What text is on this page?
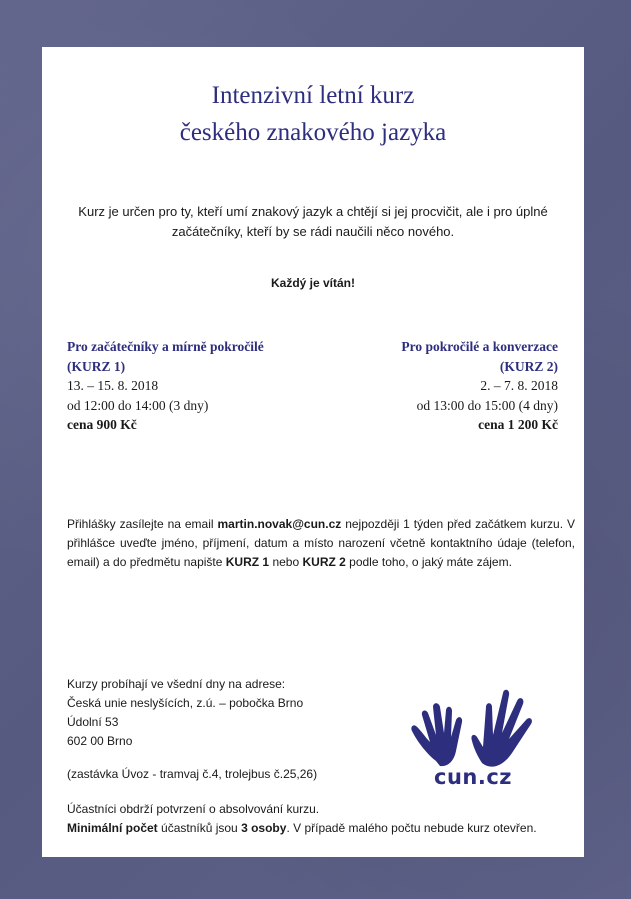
Intenzivní letní kurz
českého znakového jazyka
Kurz je určen pro ty, kteří umí znakový jazyk a chtějí si jej procvičit, ale i pro úplné začátečníky, kteří by se rádi naučili něco nového.
Každý je vítán!
Pro začátečníky a mírně pokročilé
(KURZ 1)
13. – 15. 8. 2018
od 12:00 do 14:00 (3 dny)
cena 900 Kč
Pro pokročilé a konverzace
(KURZ 2)
2. – 7. 8. 2018
od 13:00 do 15:00 (4 dny)
cena 1 200 Kč
Přihlášky zasílejte na email martin.novak@cun.cz nejpozději 1 týden před začátkem kurzu. V přihlášce uveďte jméno, příjmení, datum a místo narození včetně kontaktního údaje (telefon, email) a do předmětu napište KURZ 1 nebo KURZ 2 podle toho, o jaký máte zájem.
Kurzy probíhají ve všední dny na adrese:
Česká unie neslyšících, z.ú. – pobočka Brno
Údolní 53
602 00 Brno
(zastávka Úvoz - tramvaj č.4, trolejbus č.25,26)
Účastníci obdrží potvrzení o absolvování kurzu.
Minimální počet účastníků jsou 3 osoby. V případě malého počtu nebude kurz otevřen.
cun.cz
